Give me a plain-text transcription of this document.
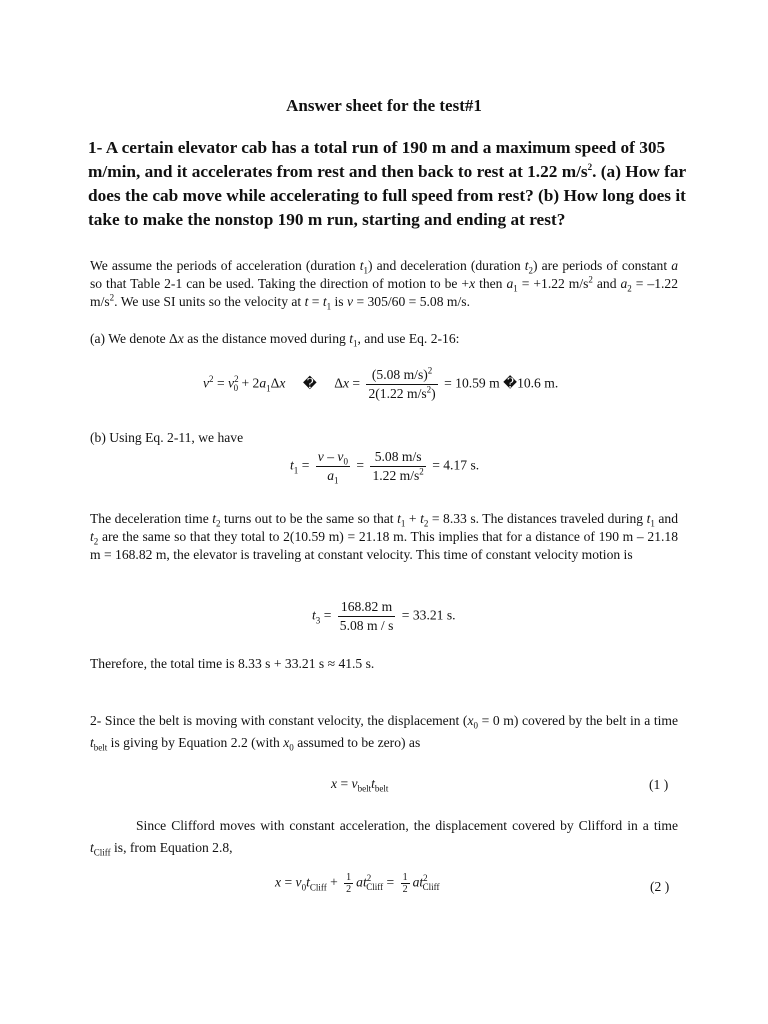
Answer sheet for the test#1
1- A certain elevator cab has a total run of 190 m and a maximum speed of 305 m/min, and it accelerates from rest and then back to rest at 1.22 $m/s^2$. (a) How far does the cab move while accelerating to full speed from rest? (b) How long does it take to make the nonstop 190 m run, starting and ending at rest?
We assume the periods of acceleration (duration $t_1$) and deceleration (duration $t_2$) are periods of constant a so that Table 2-1 can be used. Taking the direction of motion to be +x then $a_1 = +1.22$ $m/s^2$ and $a_2 = -1.22$ $m/s^2$. We use SI units so the velocity at $t = t_1$ is v = 305/60 = 5.08 m/s.
(a) We denote Δx as the distance moved during $t_1$, and use Eq. 2-16:
$v^2 = v^2_0 + 2a_1\Delta x$ � $\Delta x = \frac{(5.08 m/s)^2}{2(1.22 m/s^2)} = 10.59$ m �10.6 m.
(b) Using Eq. 2-11, we have
$t_1 = \frac{v - v_0}{a_1} = \frac{5.08 m/s}{1.22 m/s^2} = 4.17$ s.
The deceleration time $t_2$ turns out to be the same so that $t_1 + t_2 = 8.33$ s. The distances traveled during $t_1$ and $t_2$ are the same so that they total to 2(10.59 m) = 21.18 m. This implies that for a distance of 190 m – 21.18 m = 168.82 m, the elevator is traveling at constant velocity. This time of constant velocity motion is
$t_3 = \frac{168.82 m}{5.08 m / s} = 33.21$ s.
Therefore, the total time is 8.33 s + 33.21 s ≈ 41.5 s.
2- Since the belt is moving with constant velocity, the displacement ($x_0 = 0$ m) covered by the belt in a time $t_{belt}$ is giving by Equation 2.2 (with $x_0$ assumed to be zero) as
$x = v_{belt}t_{belt}$	(1 )
Since Clifford moves with constant acceleration, the displacement covered by Clifford in a time $t_{Cliff}$ is, from Equation 2.8,
$x = v_0t_{Cliff} + \frac{1}{2} at^2_{Cliff} = \frac{1}{2} at^2_{Cliff}$	(2 )
